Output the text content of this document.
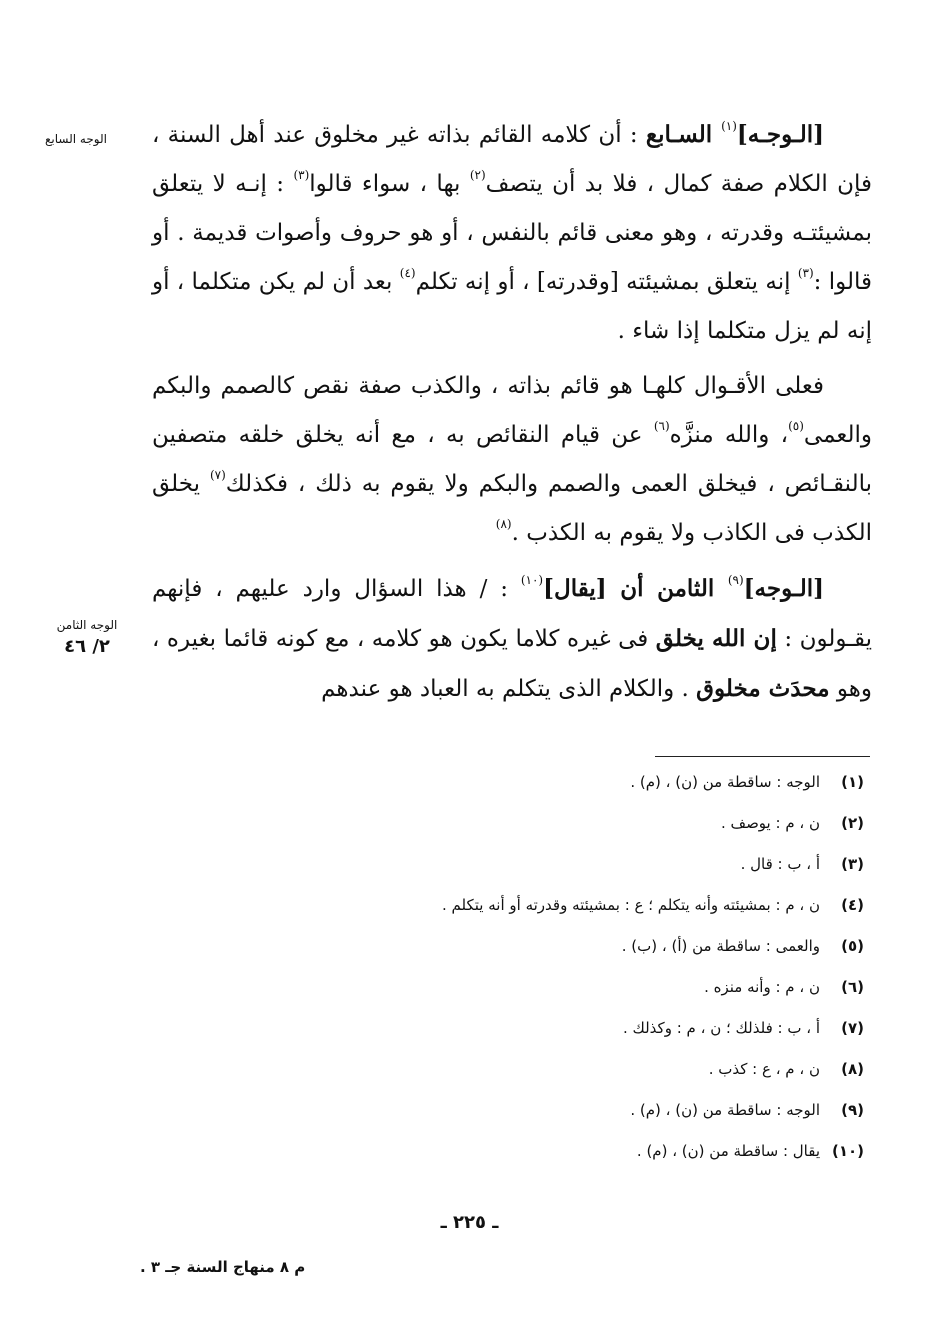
الوجه السابع
الوجه الثامن
٢/ ٤٦

[الـوجـه]$^{(١)}$ السـابع : أن كلامه القائم بذاته غير مخلوق عند أهل السنة ، فإن الكلام صفة كمال ، فلا بد أن يتصف$^{(٢)}$ بها ، سواء قالوا$^{(٣)}$ : إنـه لا يتعلق بمشيئتـه وقدرته ، وهو معنى قائم بالنفس ، أو هو حروف وأصوات قديمة . أو قالوا :$^{(٣)}$ إنه يتعلق بمشيئته [وقدرته] ، أو إنه تكلم$^{(٤)}$ بعد أن لم يكن متكلما ، أو إنه لم يزل متكلما إذا شاء .

فعلى الأقـوال كلهـا هو قائم بذاته ، والكذب صفة نقص كالصمم والبكم والعمى$^{(٥)}$، والله منزَّه$^{(٦)}$ عن قيام النقائص به ، مع أنه يخلق خلقه متصفين بالنقـائص ، فيخلق العمى والصمم والبكم ولا يقوم به ذلك ، فكذلك$^{(٧)}$ يخلق الكذب فى الكاذب ولا يقوم به الكذب .$^{(٨)}$

[الـوجه]$^{(٩)}$ الثامن أن [يقال]$^{(١٠)}$ : / هذا السؤال وارد عليهم ، فإنهم يقـولون : إن الله يخلق فى غيره كلاما يكون هو كلامه ، مع كونه قائما بغيره ، وهو محدَث مخلوق . والكلام الذى يتكلم به العباد هو عندهم

(١)الوجه : ساقطة من (ن) ، (م) .
(٢)ن ، م : يوصف .
(٣)أ ، ب : قال .
(٤)ن ، م : بمشيئته وأنه يتكلم ؛ ع : بمشيئته وقدرته أو أنه يتكلم .
(٥)والعمى : ساقطة من (أ) ، (ب) .
(٦)ن ، م : وأنه منزه .
(٧)أ ، ب : فلذلك ؛ ن ، م : وكذلك .
(٨)ن ، م ، ع : كذب .
(٩)الوجه : ساقطة من (ن) ، (م) .
(١٠)يقال : ساقطة من (ن) ، (م) .
ـ ٢٢٥ ـ
م ٨ منهاج السنة جـ ٣ .
